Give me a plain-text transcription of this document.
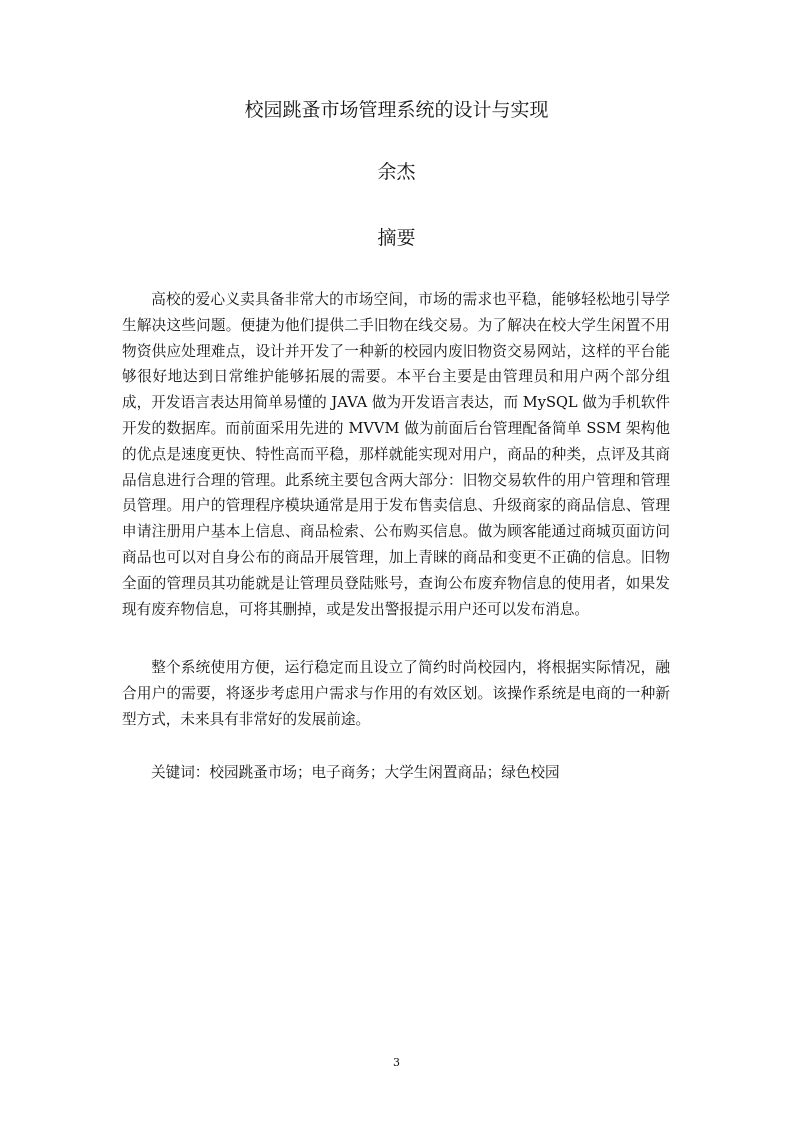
校园跳蚤市场管理系统的设计与实现
余杰
摘要

高校的爱心义卖具备非常大的市场空间，市场的需求也平稳，能够轻松地引导学生解决这些问题。便捷为他们提供二手旧物在线交易。为了解决在校大学生闲置不用物资供应处理难点，设计并开发了一种新的校园内废旧物资交易网站，这样的平台能够很好地达到日常维护能够拓展的需要。本平台主要是由管理员和用户两个部分组成，开发语言表达用简单易懂的 JAVA 做为开发语言表达，而 MySQL 做为手机软件开发的数据库。而前面采用先进的 MVVM 做为前面后台管理配备简单 SSM 架构他的优点是速度更快、特性高而平稳，那样就能实现对用户，商品的种类，点评及其商品信息进行合理的管理。此系统主要包含两大部分：旧物交易软件的用户管理和管理员管理。用户的管理程序模块通常是用于发布售卖信息、升级商家的商品信息、管理申请注册用户基本上信息、商品检索、公布购买信息。做为顾客能通过商城页面访问商品也可以对自身公布的商品开展管理，加上青睐的商品和变更不正确的信息。旧物全面的管理员其功能就是让管理员登陆账号，查询公布废弃物信息的使用者，如果发现有废弃物信息，可将其删掉，或是发出警报提示用户还可以发布消息。

整个系统使用方便，运行稳定而且设立了简约时尚校园内，将根据实际情况，融合用户的需要，将逐步考虑用户需求与作用的有效区划。该操作系统是电商的一种新型方式，未来具有非常好的发展前途。

关键词：校园跳蚤市场；电子商务；大学生闲置商品；绿色校园

3
